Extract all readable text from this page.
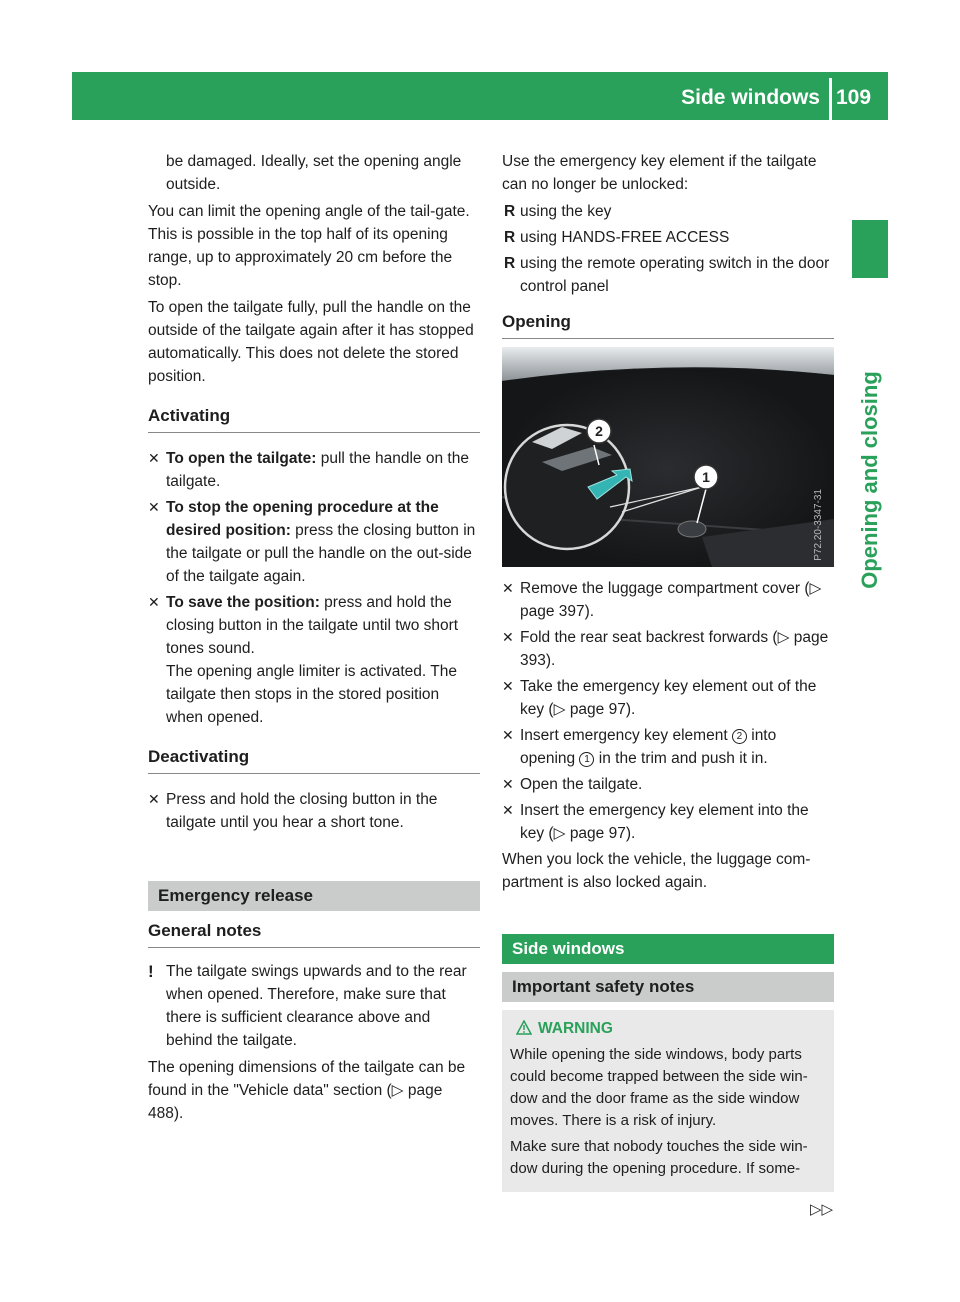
Side windows 109
Opening and closing

be damaged. Ideally, set the opening angle outside.

You can limit the opening angle of the tail-gate. This is possible in the top half of its opening range, up to approximately 20 cm before the stop.

To open the tailgate fully, pull the handle on the outside of the tailgate again after it has stopped automatically. This does not delete the stored position.

Activating
✕ To open the tailgate: pull the handle on the tailgate.
✕ To stop the opening procedure at the desired position: press the closing button in the tailgate or pull the handle on the out-side of the tailgate again.
✕ To save the position: press and hold the closing button in the tailgate until two short tones sound.
The opening angle limiter is activated. The tailgate then stops in the stored position when opened.
Deactivating
✕ Press and hold the closing button in the tailgate until you hear a short tone.
Emergency release
General notes
! The tailgate swings upwards and to the rear when opened. Therefore, make sure that there is sufficient clearance above and behind the tailgate.

The opening dimensions of the tailgate can be found in the "Vehicle data" section (▷ page 488).

Use the emergency key element if the tailgate can no longer be unlocked:

R using the key
R using HANDS-FREE ACCESS
R using the remote operating switch in the door control panel
Opening
2
1
P72.20-3347-31
✕ Remove the luggage compartment cover (▷ page 397).
✕ Fold the rear seat backrest forwards (▷ page 393).
✕ Take the emergency key element out of the key (▷ page 97).
✕ Insert emergency key element 2 into opening 1 in the trim and push it in.
✕ Open the tailgate.
✕ Insert the emergency key element into the key (▷ page 97).

When you lock the vehicle, the luggage com-partment is also locked again.

Side windows
Important safety notes
WARNING

While opening the side windows, body parts could become trapped between the side win-dow and the door frame as the side window moves. There is a risk of injury.

Make sure that nobody touches the side win-dow during the opening procedure. If some-

▷▷
